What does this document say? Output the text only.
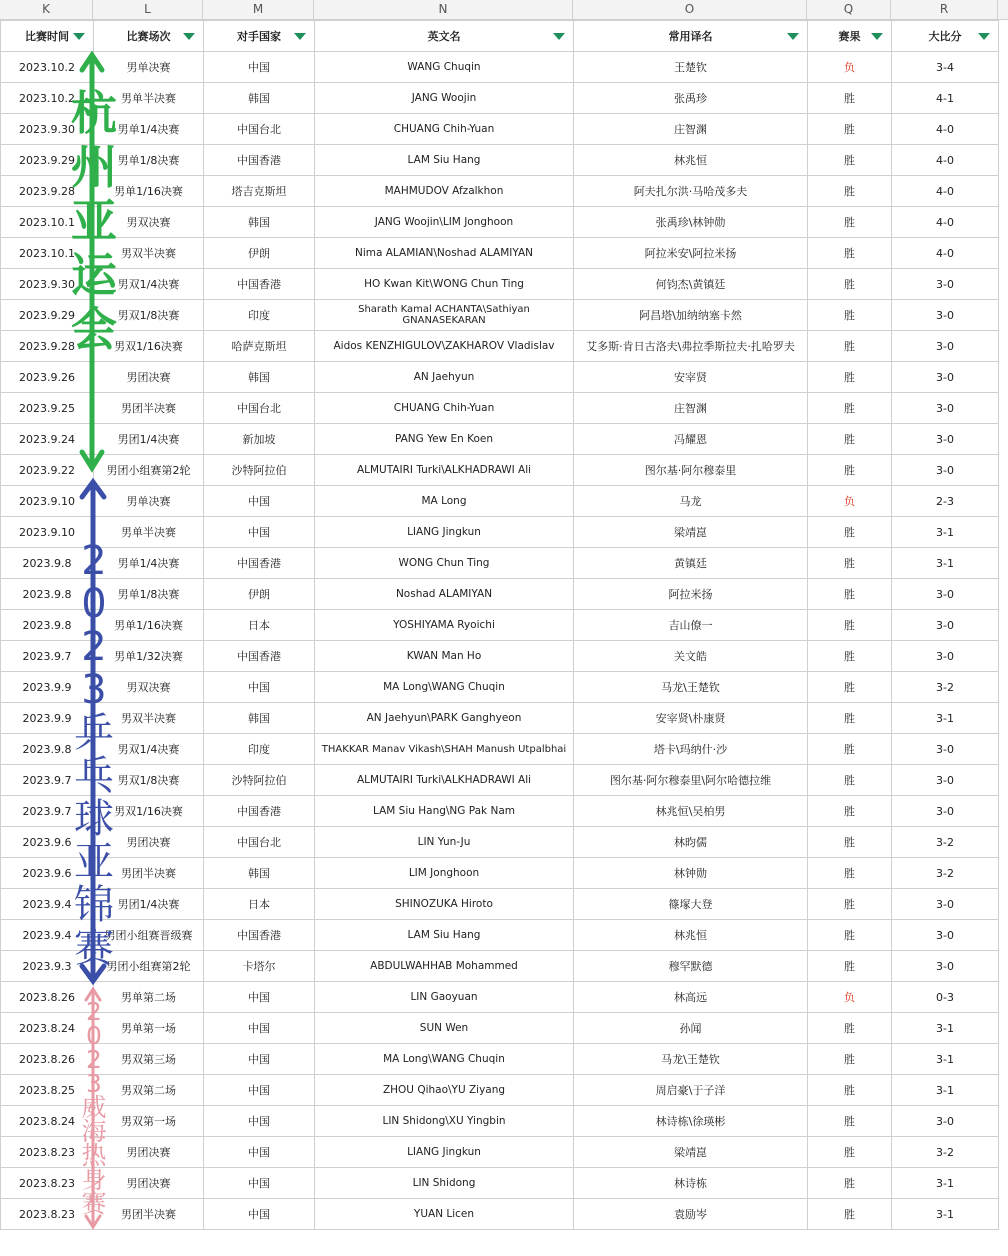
K	L	M	N	O	Q	R
比赛时间	比赛场次	对手国家	英文名	常用译名	赛果	大比分

2023.10.2	男单决赛	中国	WANG Chuqin	王楚钦	负	3-4
2023.10.2	男单半决赛	韩国	JANG Woojin	张禹珍	胜	4-1
2023.9.30	男单1/4决赛	中国台北	CHUANG Chih-Yuan	庄智渊	胜	4-0
2023.9.29	男单1/8决赛	中国香港	LAM Siu Hang	林兆恒	胜	4-0
2023.9.28	男单1/16决赛	塔吉克斯坦	MAHMUDOV Afzalkhon	阿夫扎尔洪·马哈茂多夫	胜	4-0
2023.10.1	男双决赛	韩国	JANG Woojin\LIM Jonghoon	张禹珍\林钟勋	胜	4-0
2023.10.1	男双半决赛	伊朗	Nima ALAMIAN\Noshad ALAMIYAN	阿拉米安\阿拉米扬	胜	4-0
2023.9.30	男双1/4决赛	中国香港	HO Kwan Kit\WONG Chun Ting	何钧杰\黄镇廷	胜	3-0
2023.9.29	男双1/8决赛	印度	Sharath Kamal ACHANTA\Sathiyan GNANASEKARAN	阿昌塔\加纳纳塞卡然	胜	3-0
2023.9.28	男双1/16决赛	哈萨克斯坦	Aidos KENZHIGULOV\ZAKHAROV Vladislav	艾多斯·肯日古洛夫\弗拉季斯拉夫·扎哈罗夫	胜	3-0
2023.9.26	男团决赛	韩国	AN Jaehyun	安宰贤	胜	3-0
2023.9.25	男团半决赛	中国台北	CHUANG Chih-Yuan	庄智渊	胜	3-0
2023.9.24	男团1/4决赛	新加坡	PANG Yew En Koen	冯耀恩	胜	3-0
2023.9.22	男团小组赛第2轮	沙特阿拉伯	ALMUTAIRI Turki\ALKHADRAWI Ali	图尔基·阿尔穆泰里	胜	3-0
2023.9.10	男单决赛	中国	MA Long	马龙	负	2-3
2023.9.10	男单半决赛	中国	LIANG Jingkun	梁靖崑	胜	3-1
2023.9.8	男单1/4决赛	中国香港	WONG Chun Ting	黄镇廷	胜	3-1
2023.9.8	男单1/8决赛	伊朗	Noshad ALAMIYAN	阿拉米扬	胜	3-0
2023.9.8	男单1/16决赛	日本	YOSHIYAMA Ryoichi	吉山僚一	胜	3-0
2023.9.7	男单1/32决赛	中国香港	KWAN Man Ho	关文皓	胜	3-0
2023.9.9	男双决赛	中国	MA Long\WANG Chuqin	马龙\王楚钦	胜	3-2
2023.9.9	男双半决赛	韩国	AN Jaehyun\PARK Ganghyeon	安宰贤\朴康贤	胜	3-1
2023.9.8	男双1/4决赛	印度	THAKKAR Manav Vikash\SHAH Manush Utpalbhai	塔卡\玛纳什·沙	胜	3-0
2023.9.7	男双1/8决赛	沙特阿拉伯	ALMUTAIRI Turki\ALKHADRAWI Ali	图尔基·阿尔穆泰里\阿尔哈德拉维	胜	3-0
2023.9.7	男双1/16决赛	中国香港	LAM Siu Hang\NG Pak Nam	林兆恒\吴柏男	胜	3-0
2023.9.6	男团决赛	中国台北	LIN Yun-Ju	林昀儒	胜	3-2
2023.9.6	男团半决赛	韩国	LIM Jonghoon	林钟勋	胜	3-2
2023.9.4	男团1/4决赛	日本	SHINOZUKA Hiroto	篠塚大登	胜	3-0
2023.9.4	男团小组赛晋级赛	中国香港	LAM Siu Hang	林兆恒	胜	3-0
2023.9.3	男团小组赛第2轮	卡塔尔	ABDULWAHHAB Mohammed	穆罕默德	胜	3-0
2023.8.26	男单第二场	中国	LIN Gaoyuan	林高远	负	0-3
2023.8.24	男单第一场	中国	SUN Wen	孙闻	胜	3-1
2023.8.26	男双第三场	中国	MA Long\WANG Chuqin	马龙\王楚钦	胜	3-1
2023.8.25	男双第二场	中国	ZHOU Qihao\YU Ziyang	周启豪\于子洋	胜	3-1
2023.8.24	男双第一场	中国	LIN Shidong\XU Yingbin	林诗栋\徐瑛彬	胜	3-0
2023.8.23	男团决赛	中国	LIANG Jingkun	梁靖崑	胜	3-2
2023.8.23	男团决赛	中国	LIN Shidong	林诗栋	胜	3-1
2023.8.23	男团半决赛	中国	YUAN Licen	袁励岑	胜	3-1
杭
州
亚
运
会
2
0
2
3
乒
乓
球
亚
锦
赛
2
0
2
3
威
海
热
身
赛
